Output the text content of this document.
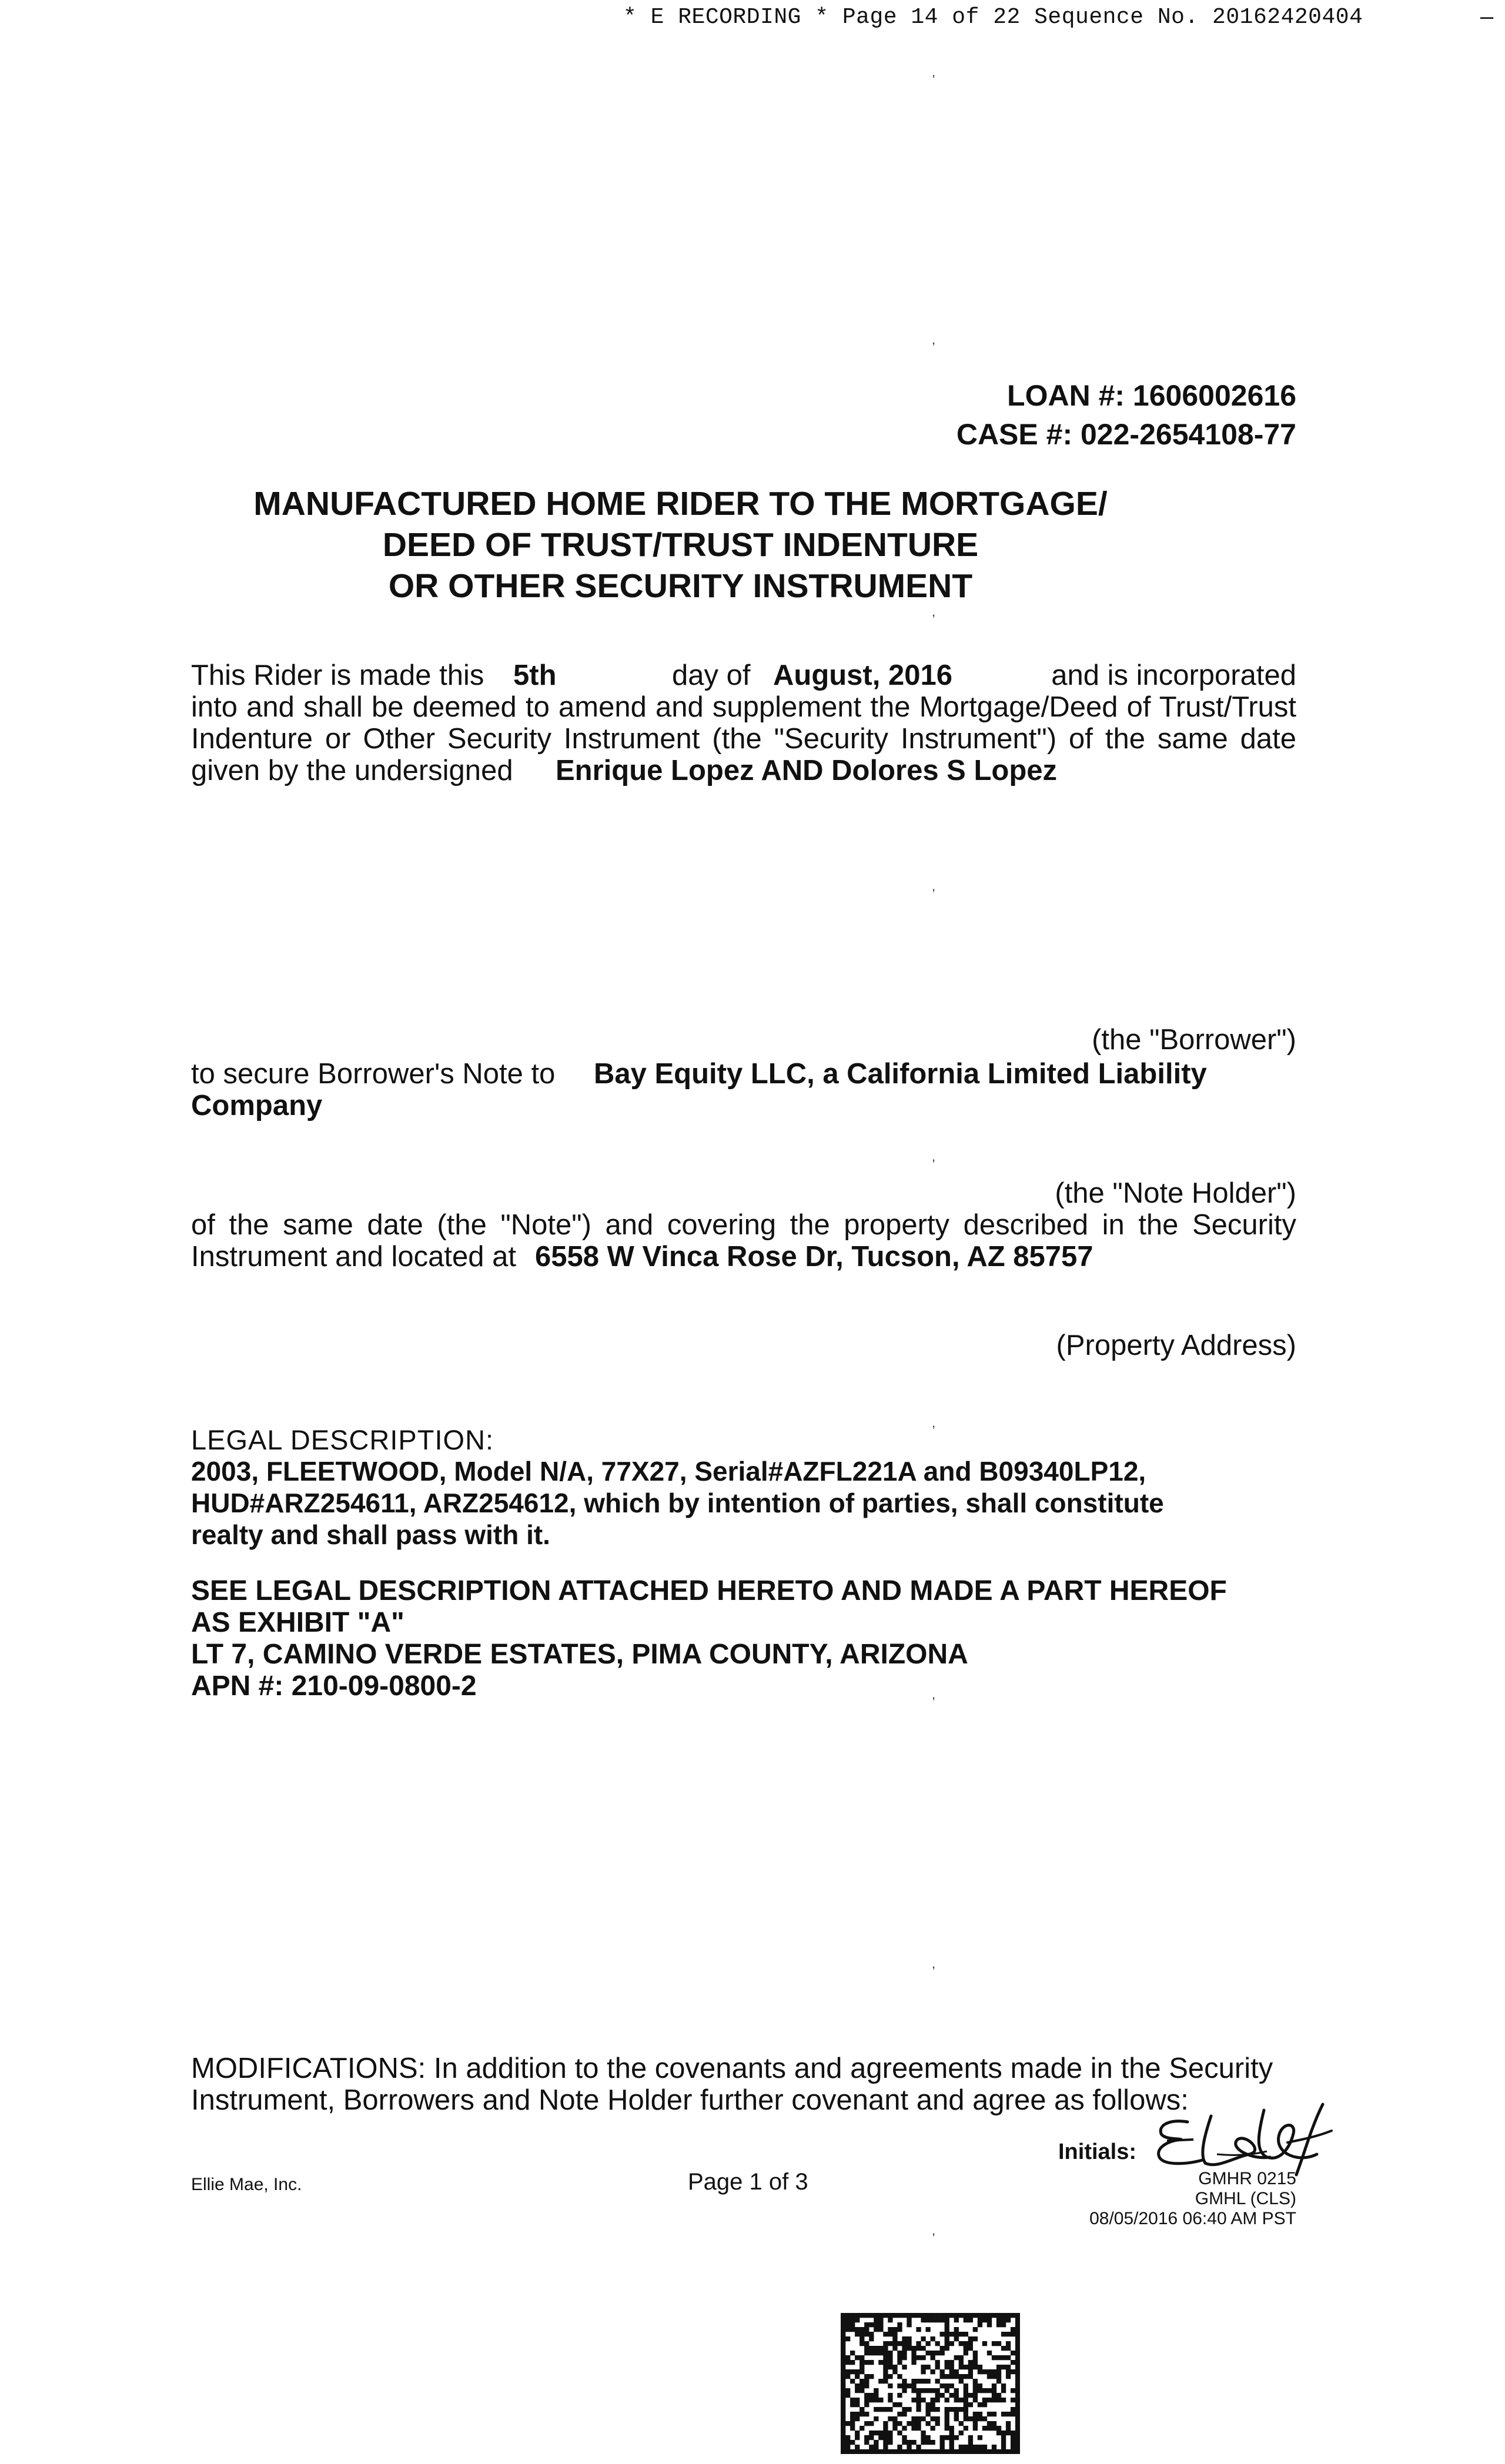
* E RECORDING * Page 14 of 22 Sequence No. 20162420404	–
,
,
,
,
,
,
,
,
,
LOAN #: 1606002616
CASE #: 022-2654108-77
MANUFACTURED HOME RIDER TO THE MORTGAGE/
DEED OF TRUST/TRUST INDENTURE
OR OTHER SECURITY INSTRUMENT
This Rider is made this 5th	day of August, 2016	and is incorporated
into and shall be deemed to amend and supplement the Mortgage/Deed of Trust/Trust
Indenture or Other Security Instrument (the "Security Instrument") of the same date
given by the undersigned Enrique Lopez AND Dolores S Lopez
(the "Borrower")
to secure Borrower's Note to Bay Equity LLC, a California Limited Liability
Company
(the "Note Holder")
of the same date (the "Note") and covering the property described in the Security
Instrument and located at 6558 W Vinca Rose Dr, Tucson, AZ 85757
(Property Address)
LEGAL DESCRIPTION:
2003, FLEETWOOD, Model N/A, 77X27, Serial#AZFL221A and B09340LP12,
HUD#ARZ254611, ARZ254612, which by intention of parties, shall constitute
realty and shall pass with it.
SEE LEGAL DESCRIPTION ATTACHED HERETO AND MADE A PART HEREOF
AS EXHIBIT "A"
LT 7, CAMINO VERDE ESTATES, PIMA COUNTY, ARIZONA
APN #: 210-09-0800-2
MODIFICATIONS: In addition to the covenants and agreements made in the Security
Instrument, Borrowers and Note Holder further covenant and agree as follows:
Initials:
Ellie Mae, Inc.	Page 1 of 3	GMHR 0215
GMHL (CLS)
08/05/2016 06:40 AM PST
